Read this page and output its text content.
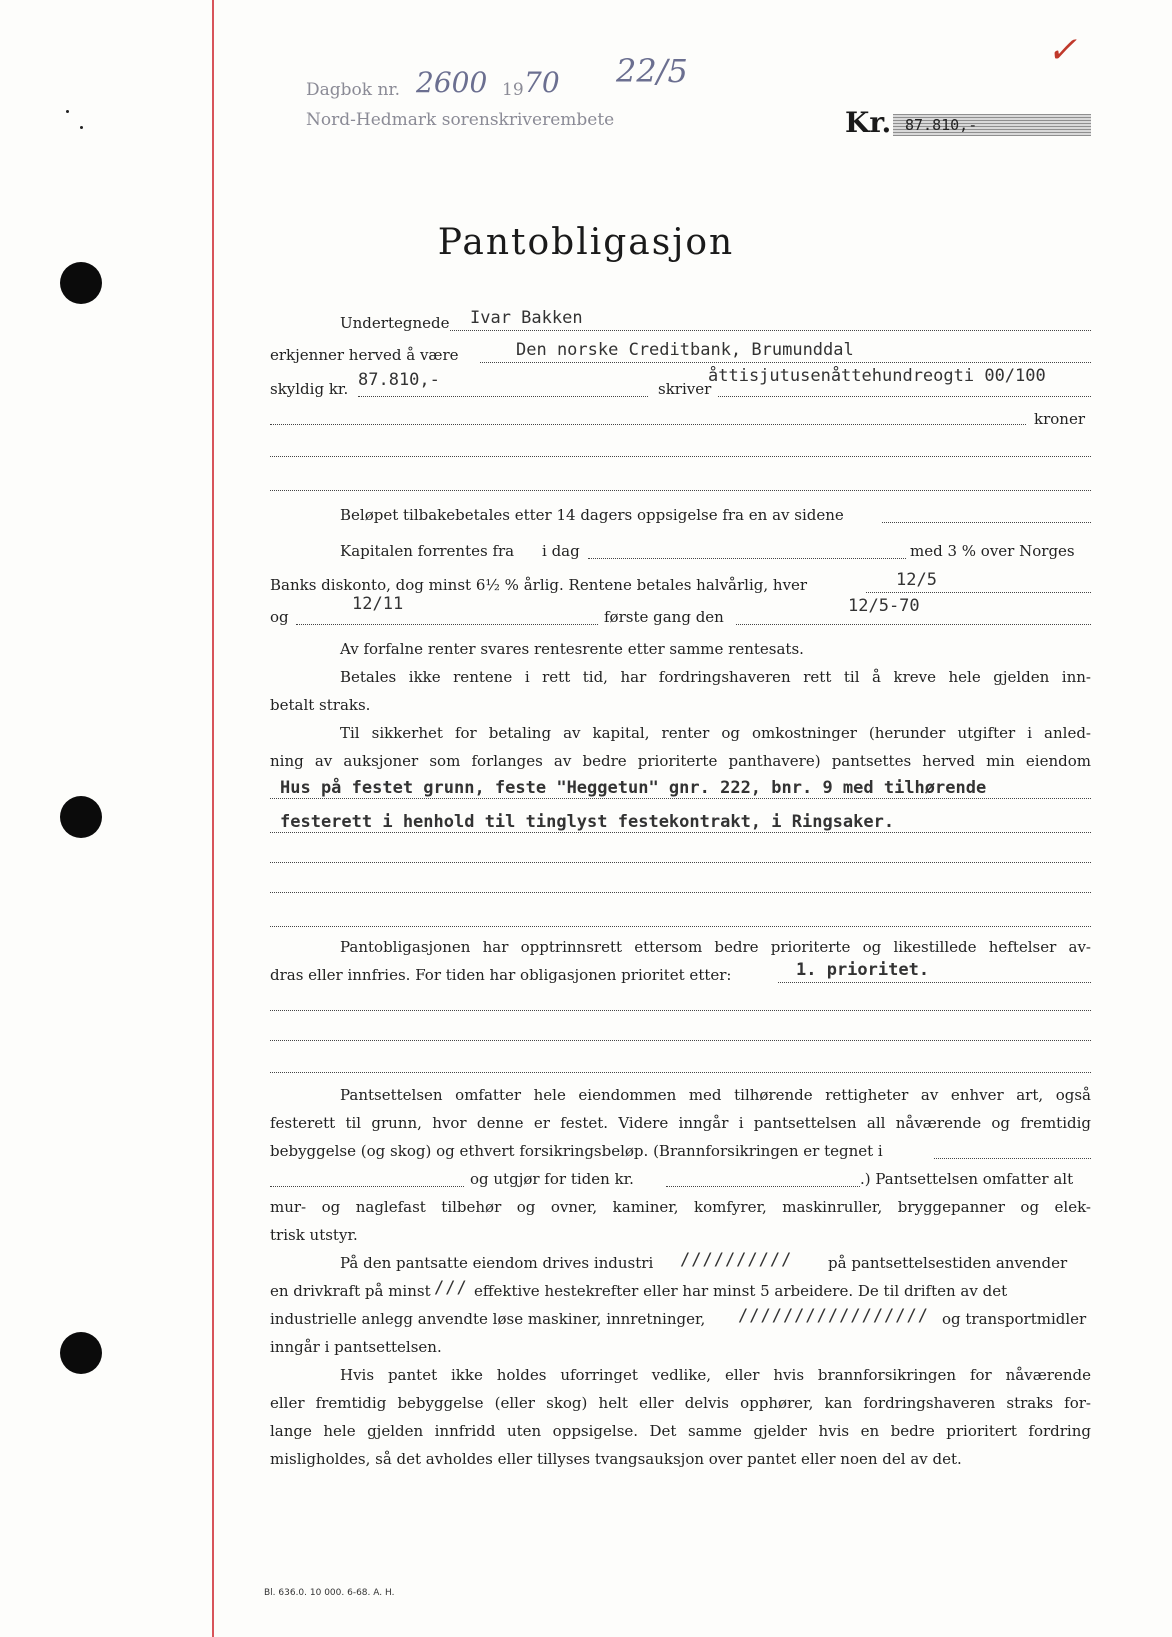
Dagbok nr. 2600 19 70 22/5
Nord-Hedmark sorenskriverembete
✓
Kr. 87.810,-
Pantobligasjon
Undertegnede Ivar Bakken
erkjenner herved å være	Den norske Creditbank, Brumunddal
skyldig kr. 87.810,-	skriver
åttisjutusenåttehundreogti 00/100
kroner
Beløpet tilbakebetales etter 14 dagers oppsigelse fra en av sidene
Kapitalen forrentes fra i dag	med 3 % over Norges
Banks diskonto, dog minst 6½ % årlig. Rentene betales halvårlig, hver	12/5
og
12/11
første gang den
12/5-70
Av forfalne renter svares rentesrente etter samme rentesats.
Betales ikke rentene i rett tid, har fordringshaveren rett til å kreve hele gjelden inn-
betalt straks.
Til sikkerhet for betaling av kapital, renter og omkostninger (herunder utgifter i anled-
ning av auksjoner som forlanges av bedre prioriterte panthavere) pantsettes herved min eiendom
Hus på festet grunn, feste "Heggetun" gnr. 222, bnr. 9 med tilhørende
festerett i henhold til tinglyst festekontrakt, i Ringsaker.
Pantobligasjonen har opptrinnsrett ettersom bedre prioriterte og likestillede heftelser av-
dras eller innfries. For tiden har obligasjonen prioritet etter:	1. prioritet.
Pantsettelsen omfatter hele eiendommen med tilhørende rettigheter av enhver art, også
festerett til grunn, hvor denne er festet. Videre inngår i pantsettelsen all nåværende og fremtidig
bebyggelse (og skog) og ethvert forsikringsbeløp. (Brannforsikringen er tegnet i
og utgjør for tiden kr.	.) Pantsettelsen omfatter alt
mur- og naglefast tilbehør og ovner, kaminer, komfyrer, maskinruller, bryggepanner og elek-
trisk utstyr.
På den pantsatte eiendom drives industri ////////// på pantsettelsestiden anvender
en drivkraft på minst /// effektive hestekrefter eller har minst 5 arbeidere. De til driften av det
industrielle anlegg anvendte løse maskiner, innretninger, ///////////////// og transportmidler
inngår i pantsettelsen.
Hvis pantet ikke holdes uforringet vedlike, eller hvis brannforsikringen for nåværende
eller fremtidig bebyggelse (eller skog) helt eller delvis opphører, kan fordringshaveren straks for-
lange hele gjelden innfridd uten oppsigelse. Det samme gjelder hvis en bedre prioritert fordring
misligholdes, så det avholdes eller tillyses tvangsauksjon over pantet eller noen del av det.
Bl. 636.0. 10 000. 6-68. A. H.
